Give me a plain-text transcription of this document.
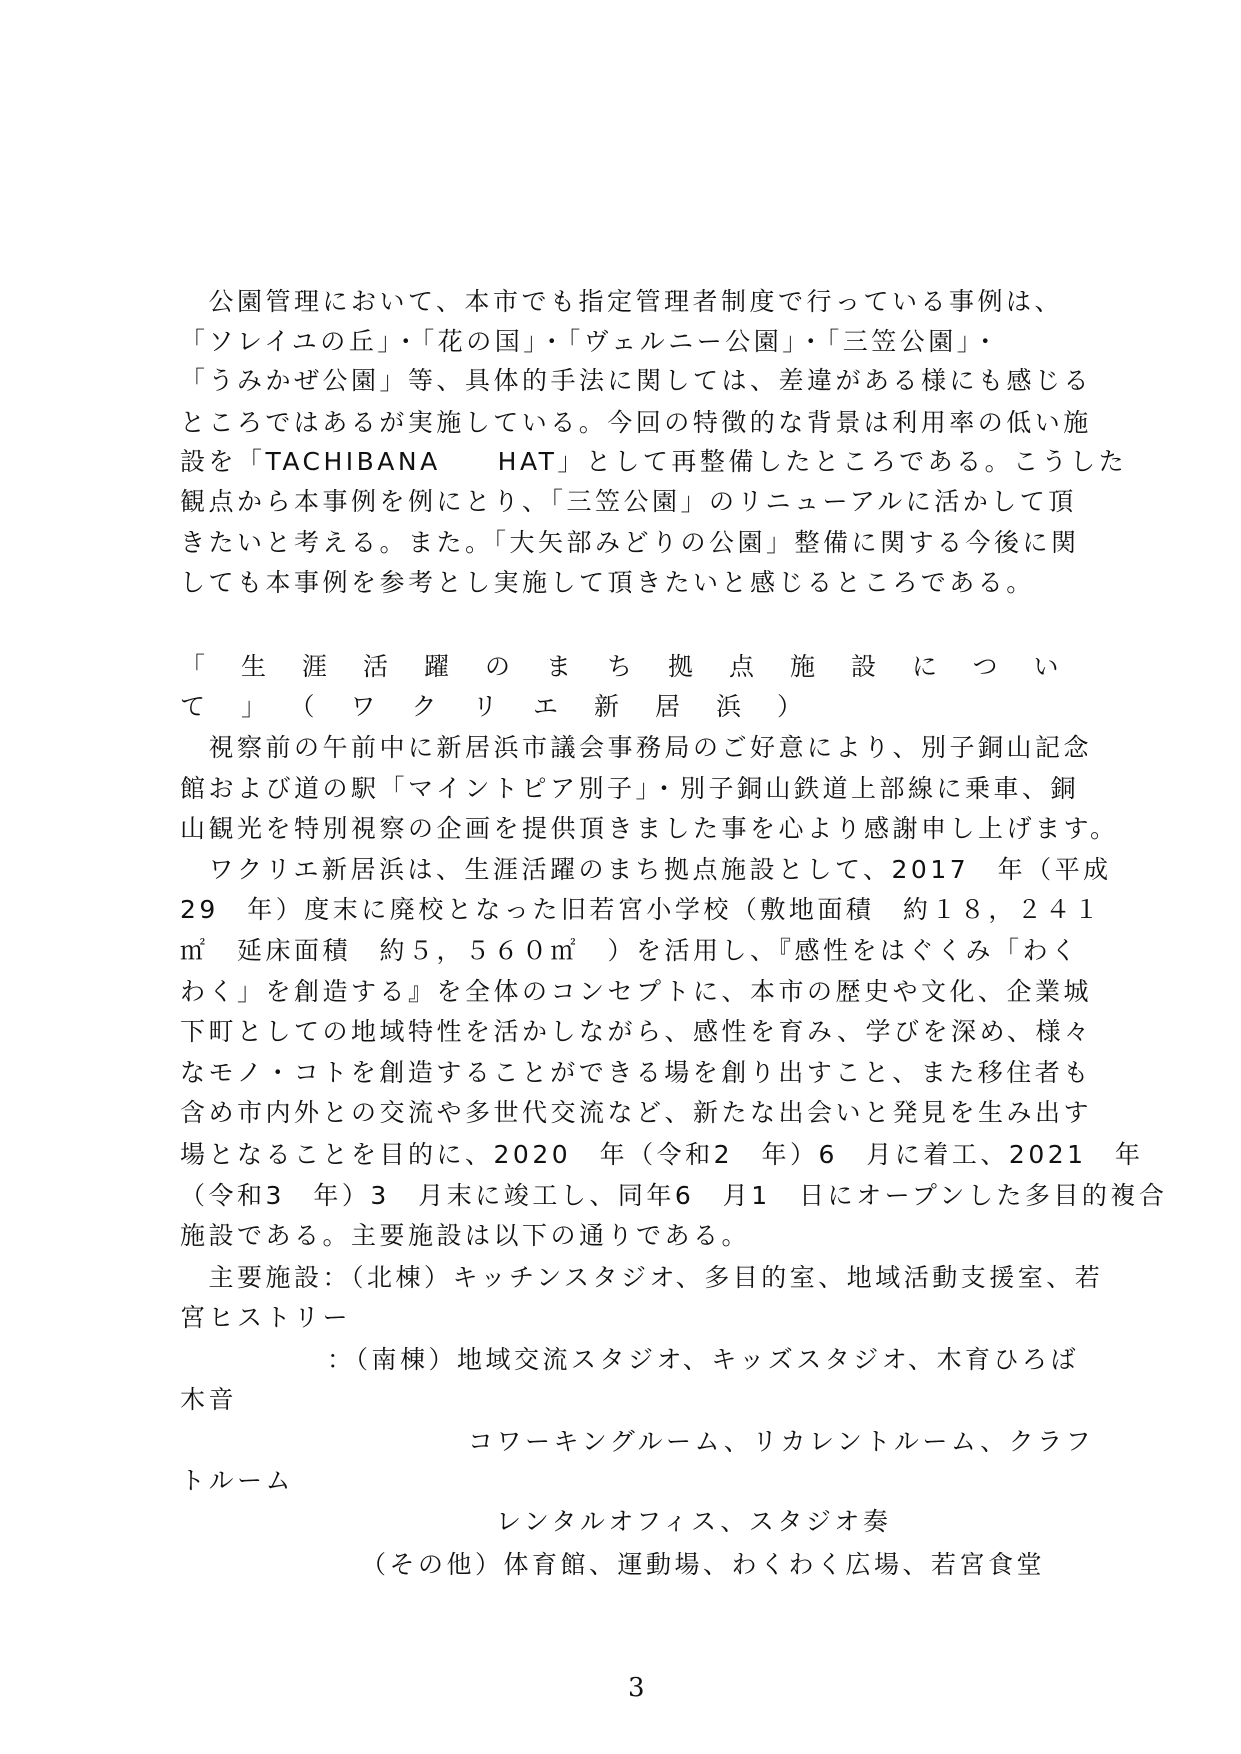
　公園管理において、本市でも指定管理者制度で行っている事例は、
「ソレイユの丘」・「花の国」・「ヴェルニー公園」・「三笠公園」・
「うみかぜ公園」等、具体的手法に関しては、差違がある様にも感じる
ところではあるが実施している。今回の特徴的な背景は利用率の低い施
設を「TACHIBANA　　HAT」として再整備したところである。こうした
観点から本事例を例にとり、「三笠公園」のリニューアルに活かして頂
きたいと考える。また。「大矢部みどりの公園」整備に関する今後に関
しても本事例を参考とし実施して頂きたいと感じるところである。
「生涯活躍のまち拠点施設につい
て」（ワクリエ新居浜）
　視察前の午前中に新居浜市議会事務局のご好意により、別子銅山記念
館および道の駅「マイントピア別子」・別子銅山鉄道上部線に乗車、銅
山観光を特別視察の企画を提供頂きました事を心より感謝申し上げます。
　ワクリエ新居浜は、生涯活躍のまち拠点施設として、2017　年（平成
29　年）度末に廃校となった旧若宮小学校（敷地面積　約１８，２４１
㎡　延床面積　約５，５６０㎡　）を活用し、『感性をはぐくみ「わく
わく」を創造する』を全体のコンセプトに、本市の歴史や文化、企業城
下町としての地域特性を活かしながら、感性を育み、学びを深め、様々
なモノ・コトを創造することができる場を創り出すこと、また移住者も
含め市内外との交流や多世代交流など、新たな出会いと発見を生み出す
場となることを目的に、2020　年（令和2　年）6　月に着工、2021　年
（令和3　年）3　月末に竣工し、同年6　月1　日にオープンした多目的複合
施設である。主要施設は以下の通りである。
　主要施設：（北棟）キッチンスタジオ、多目的室、地域活動支援室、若
宮ヒストリー
：（南棟）地域交流スタジオ、キッズスタジオ、木育ひろば
木音
コワーキングルーム、リカレントルーム、クラフ
トルーム
レンタルオフィス、スタジオ奏
（その他）体育館、運動場、わくわく広場、若宮食堂
3
